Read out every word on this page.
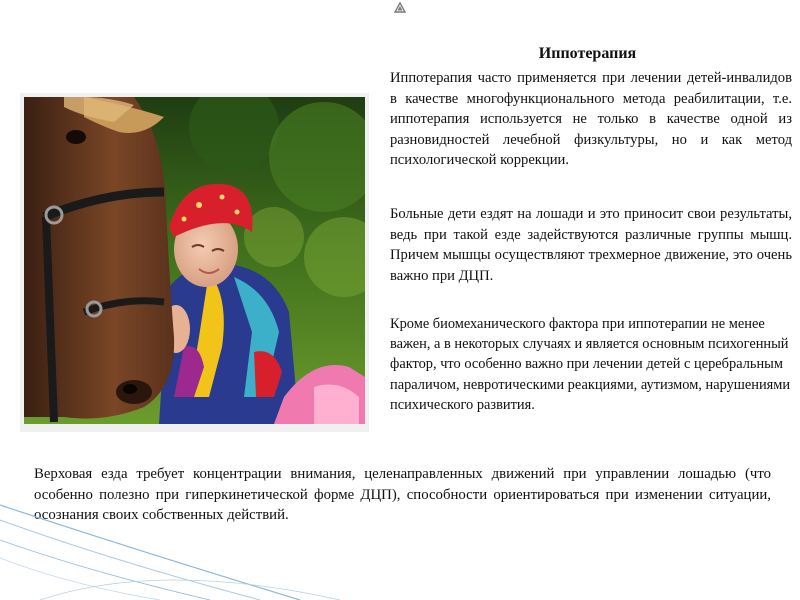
Иппотерапия

Иппотерапия часто применяется при лечении детей-инвалидов в качестве многофункционального метода реабилитации, т.е. иппотерапия используется не только в качестве одной из разновидностей лечебной физкультуры, но и как метод психологической коррекции.

Больные дети ездят на лошади и это приносит свои результаты, ведь при такой езде задействуются различные группы мышц. Причем мышцы осуществляют трехмерное движение, это очень важно при ДЦП.

Кроме биомеханического фактора при иппотерапии не менее важен, а в некоторых случаях и является основным психогенный фактор, что особенно важно при лечении детей с церебральным параличом, невротическими реакциями, аутизмом, нарушениями психического развития.

Верховая езда требует концентрации внимания, целенаправленных движений при управлении лошадью (что особенно полезно при гиперкинетической форме ДЦП), способности ориентироваться при изменении ситуации, осознания своих собственных действий.
